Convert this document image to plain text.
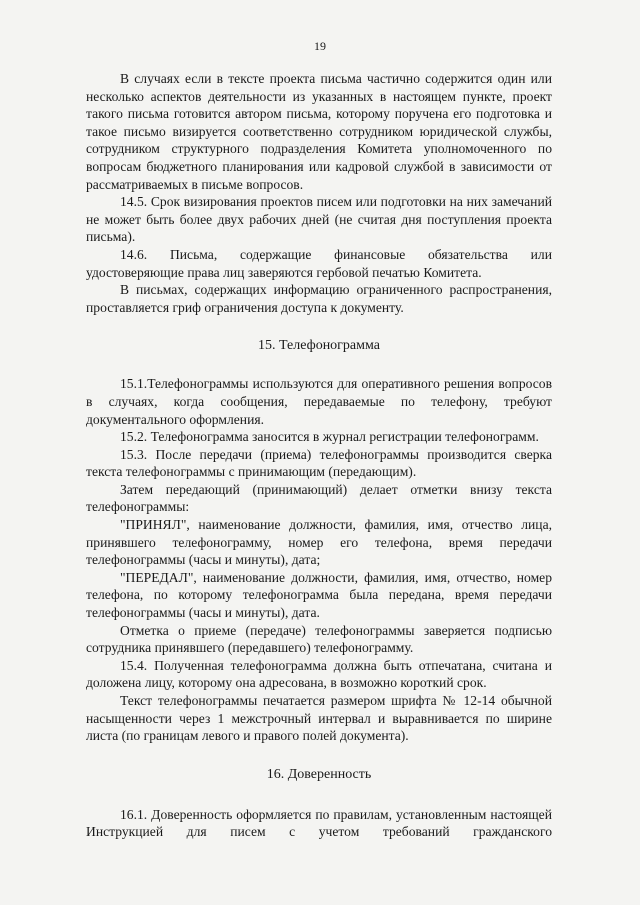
19

В случаях если в тексте проекта письма частично содержится один или несколько аспектов деятельности из указанных в настоящем пункте, проект такого письма готовится автором письма, которому поручена его подготовка и такое письмо визируется соответственно сотрудником юридической службы, сотрудником структурного подразделения Комитета уполномоченного по вопросам бюджетного планирования или кадровой службой в зависимости от рассматриваемых в письме вопросов.

14.5. Срок визирования проектов писем или подготовки на них замечаний не может быть более двух рабочих дней (не считая дня поступления проекта письма).

14.6. Письма, содержащие финансовые обязательства или удостоверяющие права лиц заверяются гербовой печатью Комитета.

В письмах, содержащих информацию ограниченного распространения, проставляется гриф ограничения доступа к документу.

15. Телефонограмма

15.1.Телефонограммы используются для оперативного решения вопросов в случаях, когда сообщения, передаваемые по телефону, требуют документального оформления.

15.2. Телефонограмма заносится в журнал регистрации телефонограмм.

15.3. После передачи (приема) телефонограммы производится сверка текста телефонограммы с принимающим (передающим).

Затем передающий (принимающий) делает отметки внизу текста телефонограммы:

"ПРИНЯЛ", наименование должности, фамилия, имя, отчество лица, принявшего телефонограмму, номер его телефона, время передачи телефонограммы (часы и минуты), дата;

"ПЕРЕДАЛ", наименование должности, фамилия, имя, отчество, номер телефона, по которому телефонограмма была передана, время передачи телефонограммы (часы и минуты), дата.

Отметка о приеме (передаче) телефонограммы заверяется подписью сотрудника принявшего (передавшего) телефонограмму.

15.4. Полученная телефонограмма должна быть отпечатана, считана и доложена лицу, которому она адресована, в возможно короткий срок.

Текст телефонограммы печатается размером шрифта № 12-14 обычной насыщенности через 1 межстрочный интервал и выравнивается по ширине листа (по границам левого и правого полей документа).

16. Доверенность

16.1. Доверенность оформляется по правилам, установленным настоящей Инструкцией для писем с учетом требований гражданского
